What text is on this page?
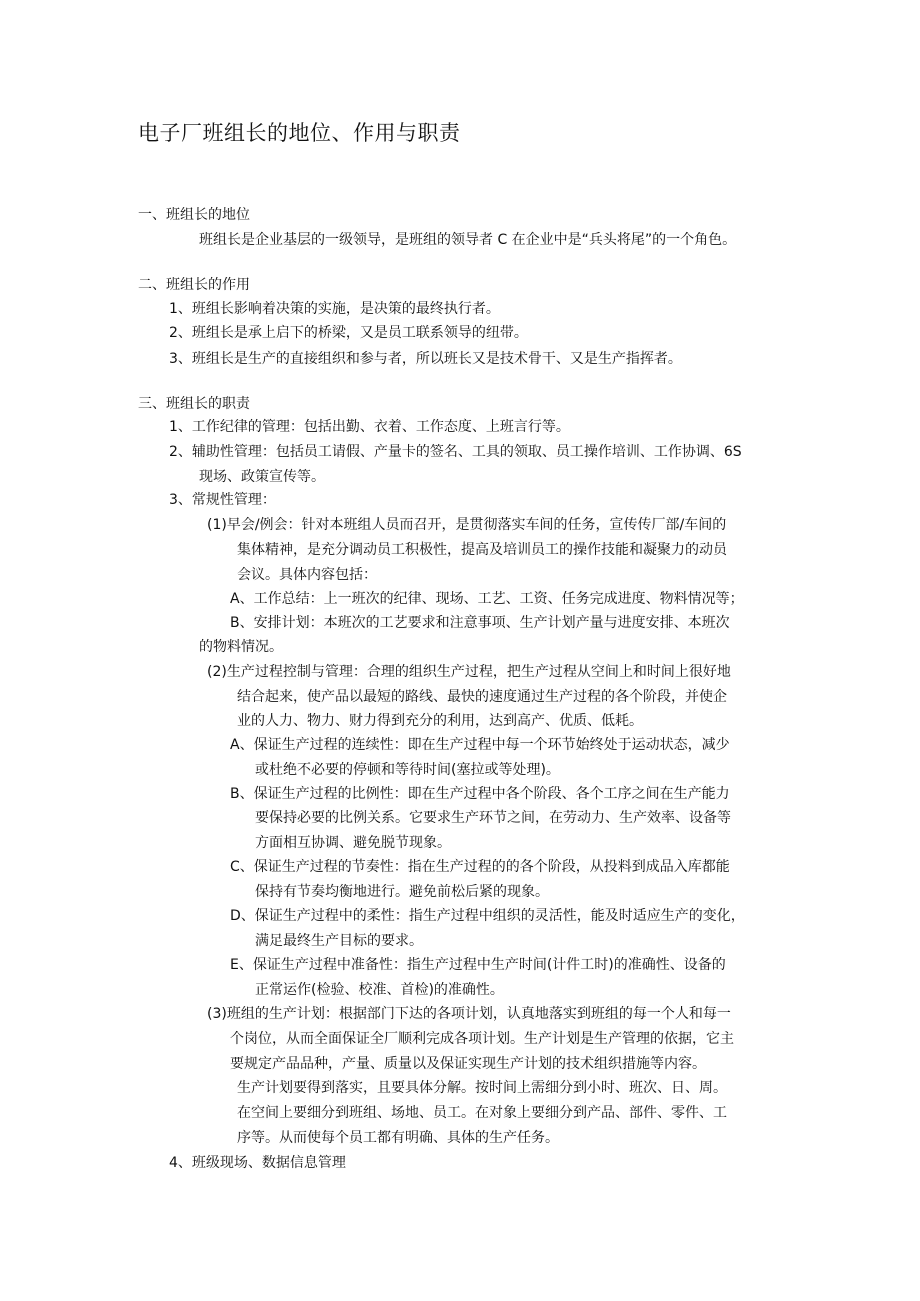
电子厂班组长的地位、作用与职责

一、班组长的地位

班组长是企业基层的一级领导，是班组的领导者 C 在企业中是“兵头将尾”的一个角色。

二、班组长的作用

1、班组长影响着决策的实施，是决策的最终执行者。

2、班组长是承上启下的桥梁，又是员工联系领导的纽带。

3、班组长是生产的直接组织和参与者，所以班长又是技术骨干、又是生产指挥者。

三、班组长的职责

1、工作纪律的管理：包括出勤、衣着、工作态度、上班言行等。

2、辅助性管理：包括员工请假、产量卡的签名、工具的领取、员工操作培训、工作协调、6S

现场、政策宣传等。

3、常规性管理：

(1)早会/例会：针对本班组人员而召开，是贯彻落实车间的任务，宣传传厂部/车间的

集体精神，是充分调动员工积极性，提高及培训员工的操作技能和凝聚力的动员

会议。具体内容包括：

A、工作总结：上一班次的纪律、现场、工艺、工资、任务完成进度、物料情况等；

B、安排计划：本班次的工艺要求和注意事项、生产计划产量与进度安排、本班次

的物料情况。

(2)生产过程控制与管理：合理的组织生产过程，把生产过程从空间上和时间上很好地

结合起来，使产品以最短的路线、最快的速度通过生产过程的各个阶段，并使企

业的人力、物力、财力得到充分的利用，达到高产、优质、低耗。

A、保证生产过程的连续性：即在生产过程中每一个环节始终处于运动状态，减少

或杜绝不必要的停顿和等待时间(塞拉或等处理)。

B、保证生产过程的比例性：即在生产过程中各个阶段、各个工序之间在生产能力

要保持必要的比例关系。它要求生产环节之间，在劳动力、生产效率、设备等

方面相互协调、避免脱节现象。

C、保证生产过程的节奏性：指在生产过程的的各个阶段，从投料到成品入库都能

保持有节奏均衡地进行。避免前松后紧的现象。

D、保证生产过程中的柔性：指生产过程中组织的灵活性，能及时适应生产的变化，

满足最终生产目标的要求。

E、保证生产过程中准备性：指生产过程中生产时间(计件工时)的准确性、设备的

正常运作(检验、校准、首检)的准确性。

(3)班组的生产计划：根据部门下达的各项计划，认真地落实到班组的每一个人和每一

个岗位，从而全面保证全厂顺利完成各项计划。生产计划是生产管理的依据，它主

要规定产品品种，产量、质量以及保证实现生产计划的技术组织措施等内容。

生产计划要得到落实，且要具体分解。按时间上需细分到小时、班次、日、周。

在空间上要细分到班组、场地、员工。在对象上要细分到产品、部件、零件、工

序等。从而使每个员工都有明确、具体的生产任务。

4、班级现场、数据信息管理
